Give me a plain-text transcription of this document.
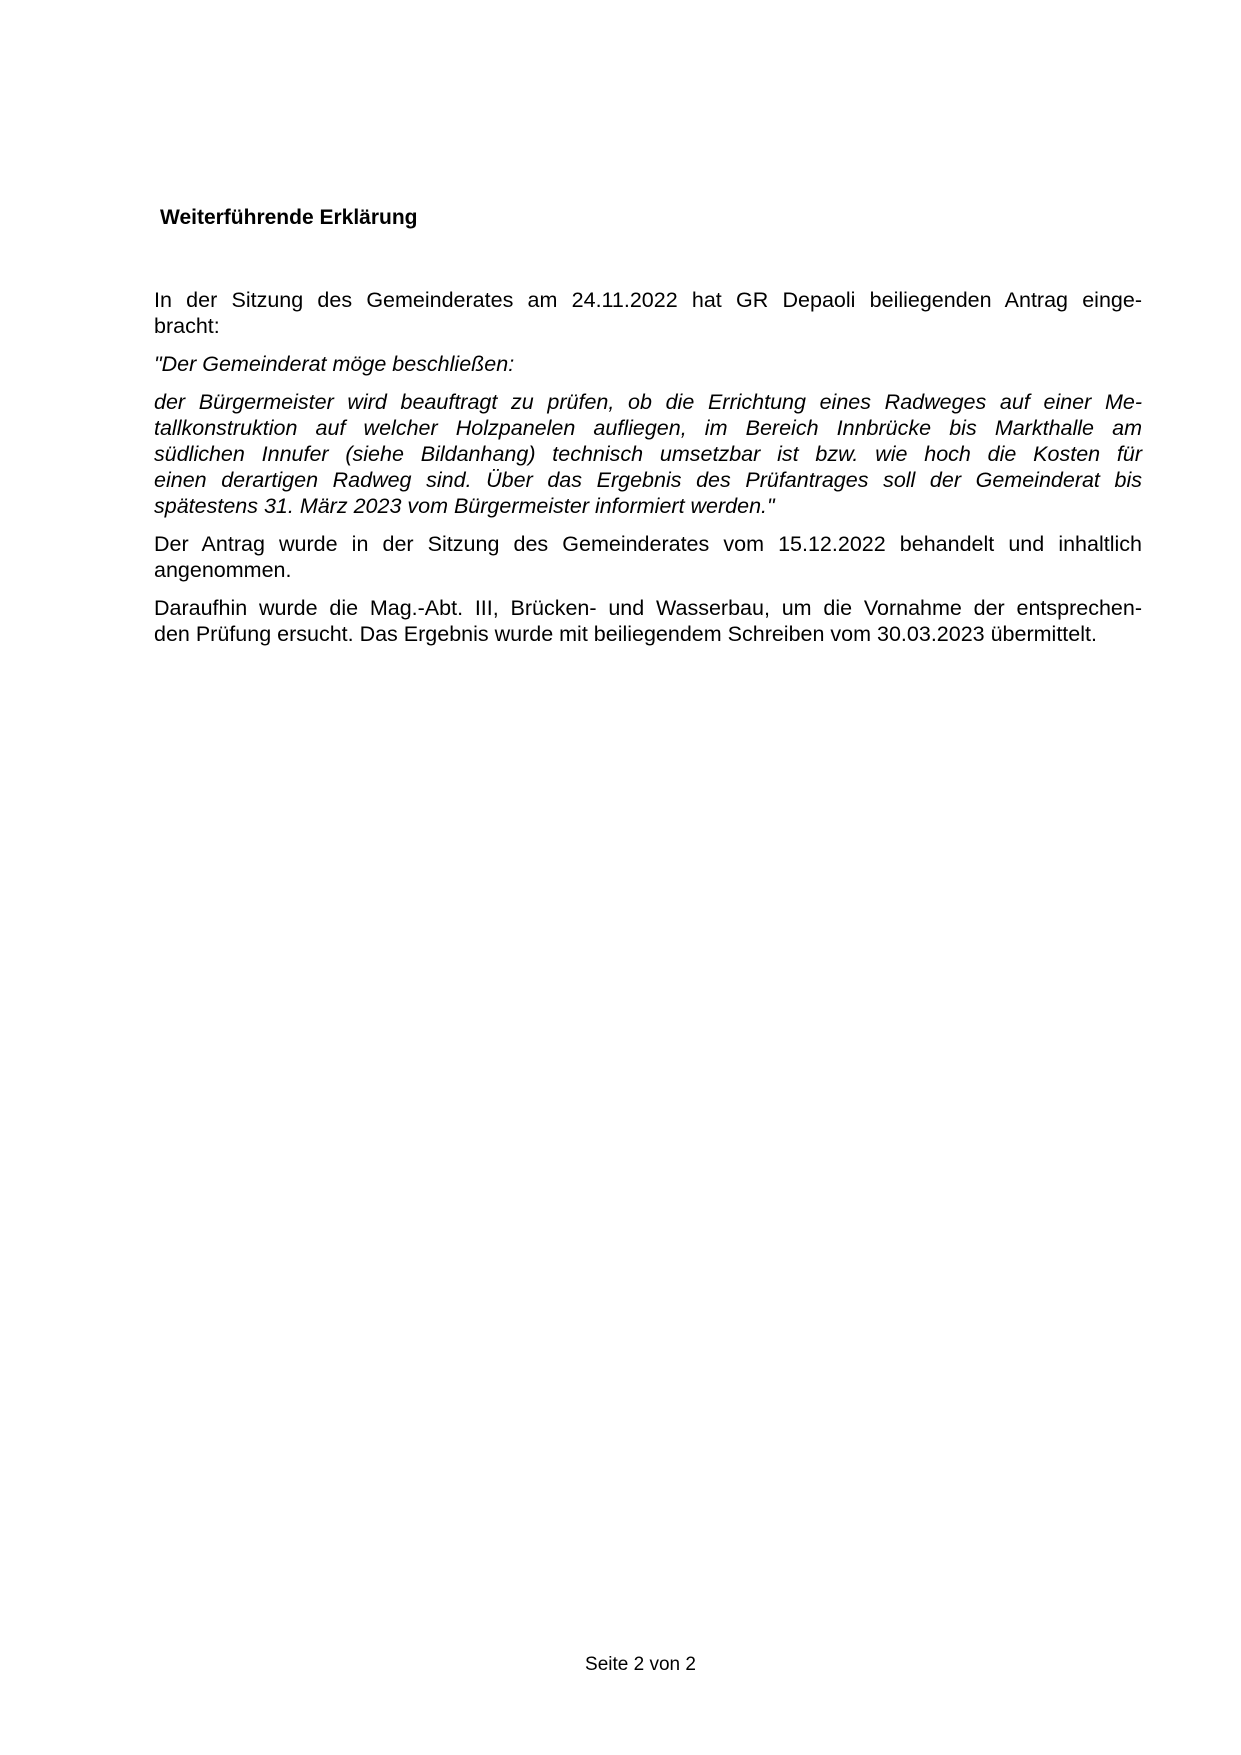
Weiterführende Erklärung

In der Sitzung des Gemeinderates am 24.11.2022 hat GR Depaoli beiliegenden Antrag einge-
bracht:

"Der Gemeinderat möge beschließen:

der Bürgermeister wird beauftragt zu prüfen, ob die Errichtung eines Radweges auf einer Me-
tallkonstruktion auf welcher Holzpanelen aufliegen, im Bereich Innbrücke bis Markthalle am
südlichen Innufer (siehe Bildanhang) technisch umsetzbar ist bzw. wie hoch die Kosten für
einen derartigen Radweg sind. Über das Ergebnis des Prüfantrages soll der Gemeinderat bis
spätestens 31. März 2023 vom Bürgermeister informiert werden."

Der Antrag wurde in der Sitzung des Gemeinderates vom 15.12.2022 behandelt und inhaltlich
angenommen.

Daraufhin wurde die Mag.-Abt. III, Brücken- und Wasserbau, um die Vornahme der entsprechen-
den Prüfung ersucht. Das Ergebnis wurde mit beiliegendem Schreiben vom 30.03.2023 übermittelt.

Seite 2 von 2
